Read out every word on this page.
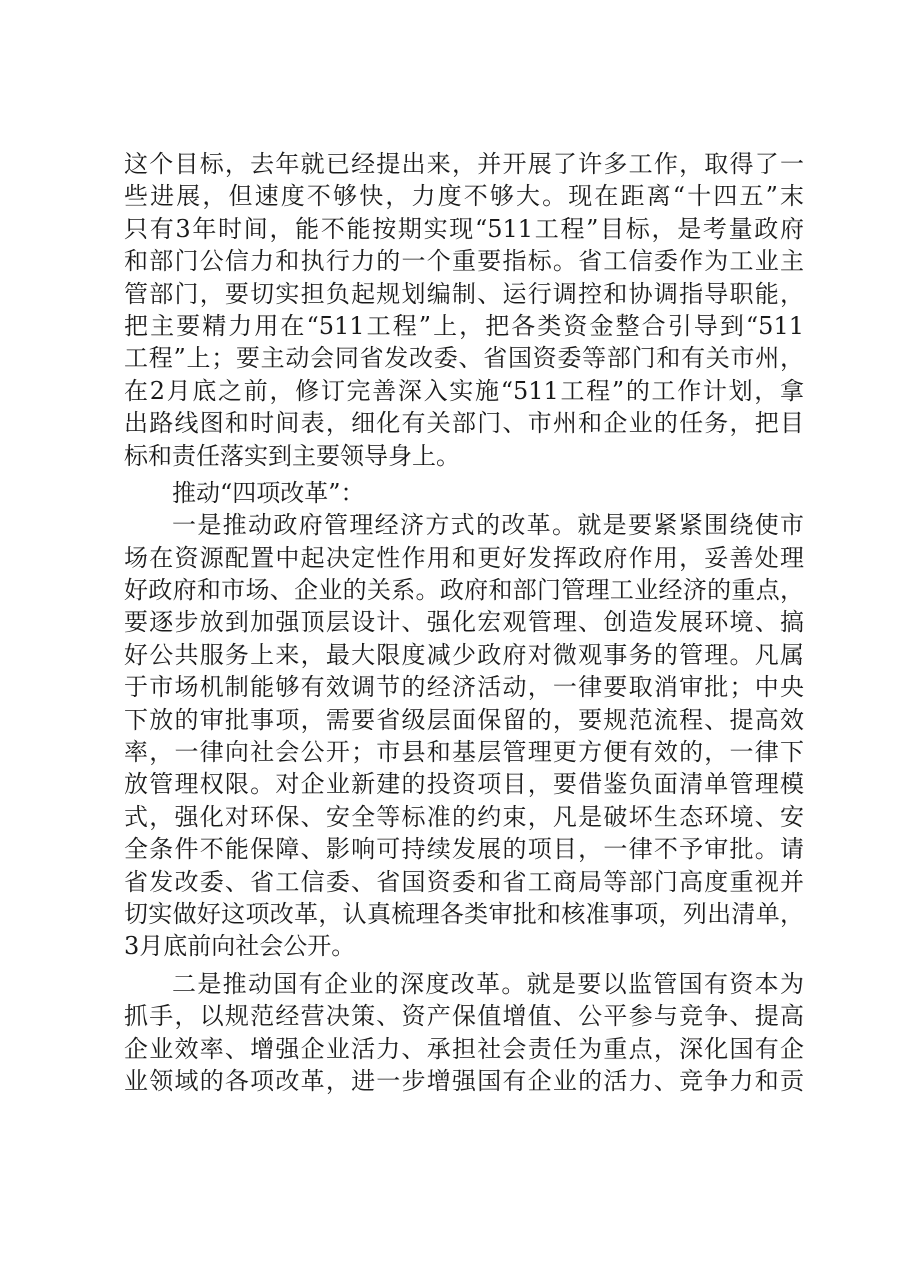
这个目标，去年就已经提出来，并开展了许多工作，取得了一
些进展，但速度不够快，力度不够大。现在距离“十四五”末
只有3年时间，能不能按期实现“511工程”目标，是考量政府
和部门公信力和执行力的一个重要指标。省工信委作为工业主
管部门，要切实担负起规划编制、运行调控和协调指导职能，
把主要精力用在“511工程”上，把各类资金整合引导到“511
工程”上；要主动会同省发改委、省国资委等部门和有关市州，
在2月底之前，修订完善深入实施“511工程”的工作计划，拿
出路线图和时间表，细化有关部门、市州和企业的任务，把目
标和责任落实到主要领导身上。
推动“四项改革”：
一是推动政府管理经济方式的改革。就是要紧紧围绕使市
场在资源配置中起决定性作用和更好发挥政府作用，妥善处理
好政府和市场、企业的关系。政府和部门管理工业经济的重点，
要逐步放到加强顶层设计、强化宏观管理、创造发展环境、搞
好公共服务上来，最大限度减少政府对微观事务的管理。凡属
于市场机制能够有效调节的经济活动，一律要取消审批；中央
下放的审批事项，需要省级层面保留的，要规范流程、提高效
率，一律向社会公开；市县和基层管理更方便有效的，一律下
放管理权限。对企业新建的投资项目，要借鉴负面清单管理模
式，强化对环保、安全等标准的约束，凡是破坏生态环境、安
全条件不能保障、影响可持续发展的项目，一律不予审批。请
省发改委、省工信委、省国资委和省工商局等部门高度重视并
切实做好这项改革，认真梳理各类审批和核准事项，列出清单，
3月底前向社会公开。
二是推动国有企业的深度改革。就是要以监管国有资本为
抓手，以规范经营决策、资产保值增值、公平参与竞争、提高
企业效率、增强企业活力、承担社会责任为重点，深化国有企
业领域的各项改革，进一步增强国有企业的活力、竞争力和贡
